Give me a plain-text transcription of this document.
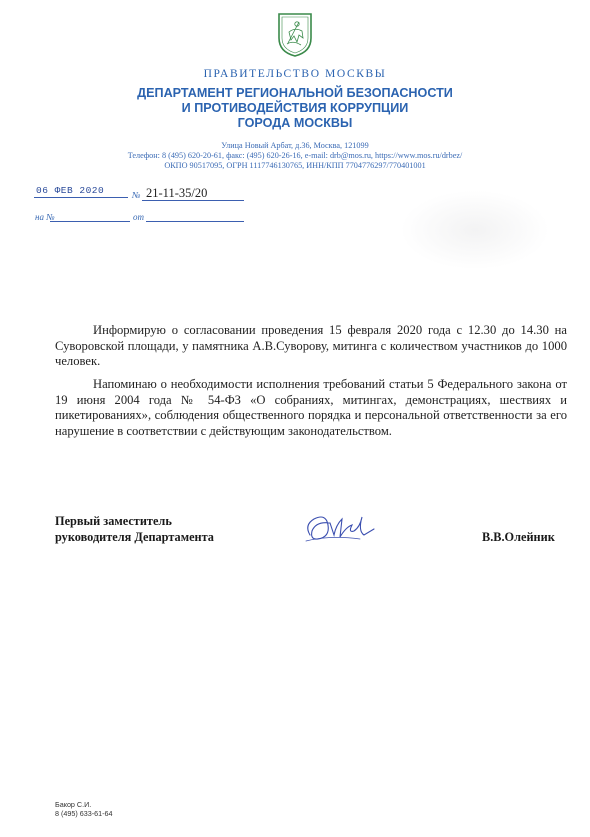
ПРАВИТЕЛЬСТВО МОСКВЫ
ДЕПАРТАМЕНТ РЕГИОНАЛЬНОЙ БЕЗОПАСНОСТИ
И ПРОТИВОДЕЙСТВИЯ КОРРУПЦИИ
ГОРОДА МОСКВЫ
Улица Новый Арбат, д.36, Москва, 121099
Телефон: 8 (495) 620-20-61, факс: (495) 620-26-16, e-mail: drb@mos.ru, https://www.mos.ru/drbez/
ОКПО 90517095, ОГРН 1117746130765, ИНН/КПП 7704776297/770401001
06 ФЕВ 2020	№ 21-11-35/20
на №	от
Информирую о согласовании проведения 15 февраля 2020 года с 12.30 до 14.30 на Суворовской площади, у памятника А.В.Суворову, митинга с количеством участников до 1000 человек.
Напоминаю о необходимости исполнения требований статьи 5 Федерального закона от 19 июня 2004 года № 54-ФЗ «О собраниях, митингах, демонстрациях, шествиях и пикетированиях», соблюдения общественного порядка и персональной ответственности за его нарушение в соответствии с действующим законодательством.
Первый заместитель
руководителя Департамента	В.В.Олейник
Бакор С.И.
8 (495) 633-61-64
